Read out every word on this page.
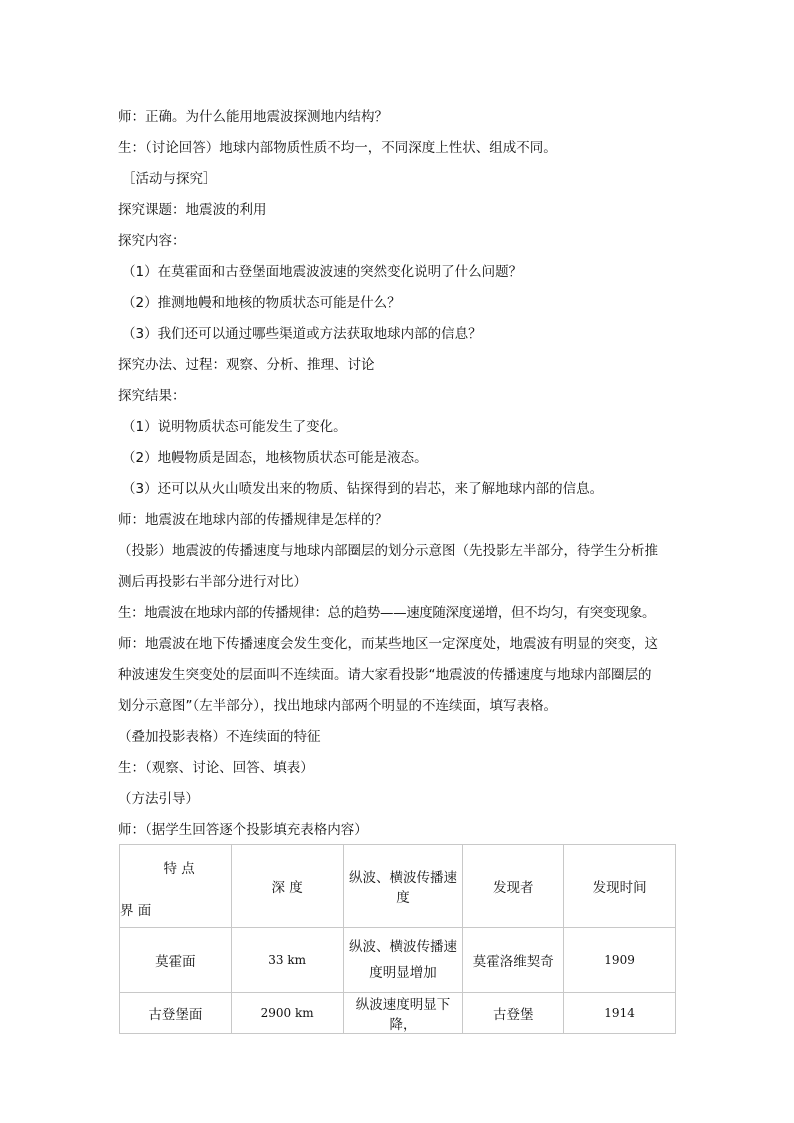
师：正确。为什么能用地震波探测地内结构？
生：（讨论回答）地球内部物质性质不均一，不同深度上性状、组成不同。
［活动与探究］
探究课题：地震波的利用
探究内容：
（1）在莫霍面和古登堡面地震波波速的突然变化说明了什么问题？
（2）推测地幔和地核的物质状态可能是什么？
（3）我们还可以通过哪些渠道或方法获取地球内部的信息？
探究办法、过程：观察、分析、推理、讨论
探究结果：
（1）说明物质状态可能发生了变化。
（2）地幔物质是固态，地核物质状态可能是液态。
（3）还可以从火山喷发出来的物质、钻探得到的岩芯，来了解地球内部的信息。
师：地震波在地球内部的传播规律是怎样的？
（投影）地震波的传播速度与地球内部圈层的划分示意图（先投影左半部分，待学生分析推
测后再投影右半部分进行对比）
生：地震波在地球内部的传播规律：总的趋势——速度随深度递增，但不均匀，有突变现象。
师：地震波在地下传播速度会发生变化，而某些地区一定深度处，地震波有明显的突变，这
种波速发生突变处的层面叫不连续面。请大家看投影“地震波的传播速度与地球内部圈层的
划分示意图”（左半部分），找出地球内部两个明显的不连续面，填写表格。
（叠加投影表格）不连续面的特征
生：（观察、讨论、回答、填表）
（方法引导）
师：（据学生回答逐个投影填充表格内容）
特 点
界 面	深 度	纵波、横波传播速度	发现者	发现时间
莫霍面	33 km	纵波、横波传播速度明显增加	莫霍洛维契奇	1909
古登堡面	2900 km	纵波速度明显下降，	古登堡	1914
